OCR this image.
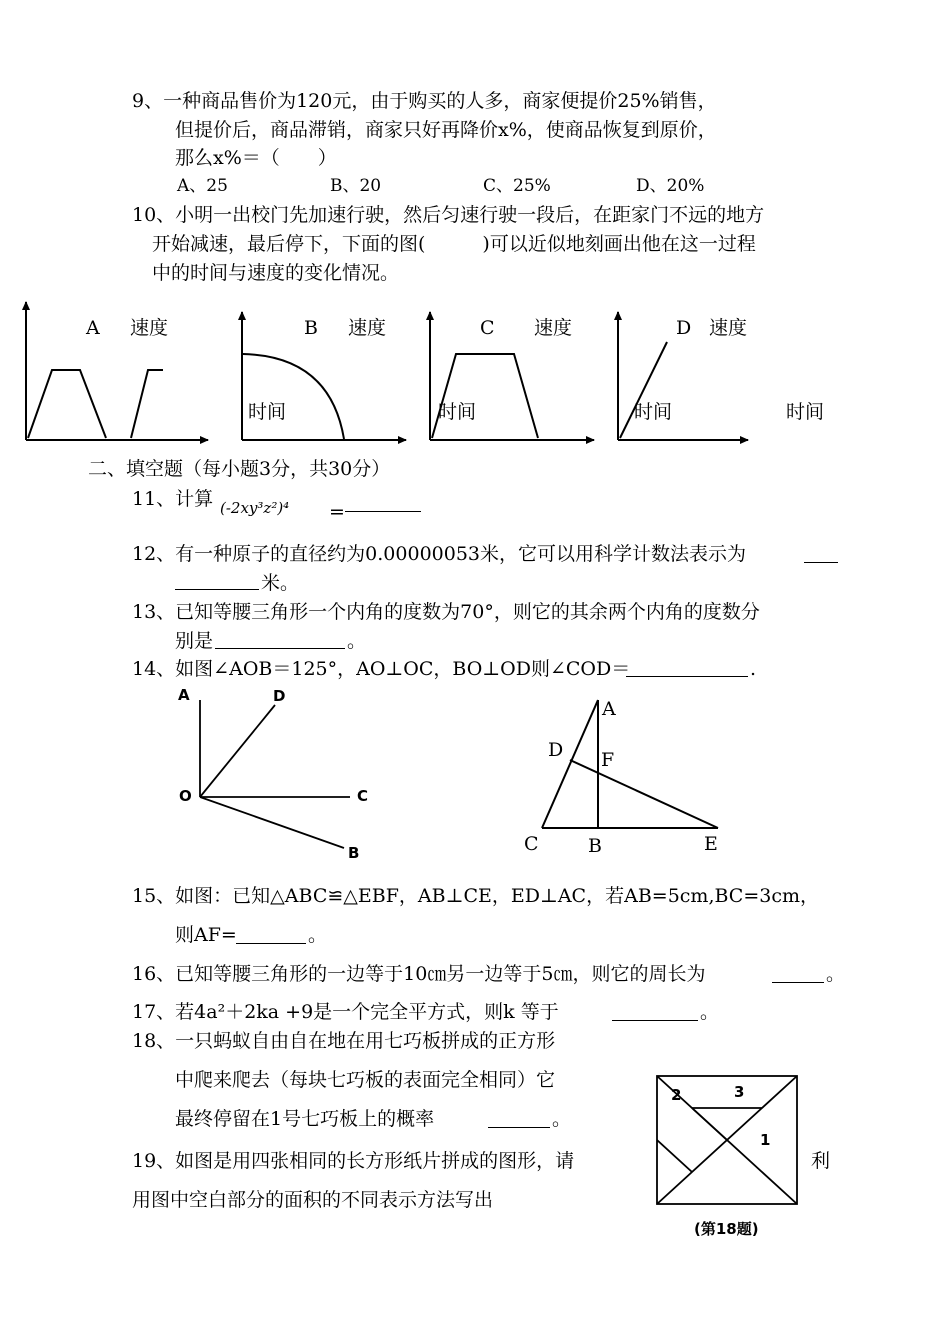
9、一种商品售价为120元，由于购买的人多，商家便提价25%销售，
但提价后，商品滞销，商家只好再降价x%，使商品恢复到原价，
那么x%＝（　　）
A、25	B、20	C、25%	D、20%
10、小明一出校门先加速行驶，然后匀速行驶一段后，在距家门不远的地方
开始减速，最后停下，下面的图(　　　)可以近似地刻画出他在这一过程
中的时间与速度的变化情况。
A 速度	B 速度
时间
C 速度
时间
D 速度
时间	时间
A	D
O	C
B
A
D F
C	B	E
2	3
1
(第18题)
二、填空题（每小题3分，共30分）
11、计算 (-2xy³z²)⁴ =
12、有一种原子的直径约为0.00000053米，它可以用科学计数法表示为
米。
13、已知等腰三角形一个内角的度数为70°，则它的其余两个内角的度数分
别是	。
14、如图∠AOB＝125°，AO⊥OC，BO⊥OD则∠COD＝	.
15、如图：已知△ABC≌△EBF，AB⊥CE，ED⊥AC，若AB=5cm,BC=3cm，
则AF=	。
16、已知等腰三角形的一边等于10㎝另一边等于5㎝，则它的周长为	。
17、若4a²＋2ka +9是一个完全平方式，则k 等于	。
18、一只蚂蚁自由自在地在用七巧板拼成的正方形
中爬来爬去（每块七巧板的表面完全相同）它
最终停留在1号七巧板上的概率	。
19、如图是用四张相同的长方形纸片拼成的图形，请	利
用图中空白部分的面积的不同表示方法写出
